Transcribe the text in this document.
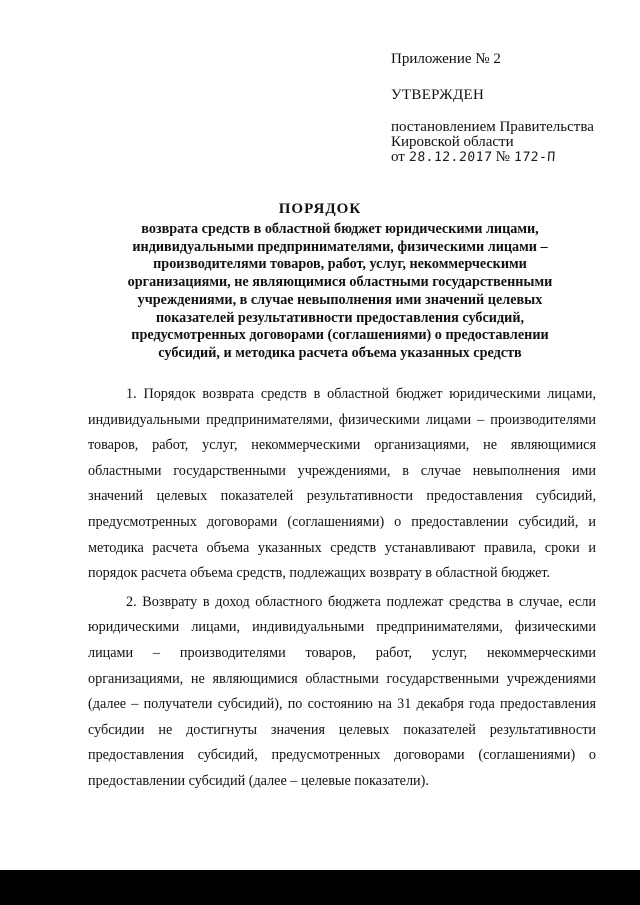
Приложение № 2
УТВЕРЖДЕН
постановлением Правительства
Кировской области
от 28.12.2017 № 172-П
ПОРЯДОК
возврата средств в областной бюджет юридическими лицами, индивидуальными предпринимателями, физическими лицами – производителями товаров, работ, услуг, некоммерческими организациями, не являющимися областными государственными учреждениями, в случае невыполнения ими значений целевых показателей результативности предоставления субсидий, предусмотренных договорами (соглашениями) о предоставлении субсидий, и методика расчета объема указанных средств

1. Порядок возврата средств в областной бюджет юридическими лицами, индивидуальными предпринимателями, физическими лицами – производителями товаров, работ, услуг, некоммерческими организациями, не являющимися областными государственными учреждениями, в случае невыполнения ими значений целевых показателей результативности предоставления субсидий, предусмотренных договорами (соглашениями) о предоставлении субсидий, и методика расчета объема указанных средств устанавливают правила, сроки и порядок расчета объема средств, подлежащих возврату в областной бюджет.

2. Возврату в доход областного бюджета подлежат средства в случае, если юридическими лицами, индивидуальными предпринимателями, физическими лицами – производителями товаров, работ, услуг, некоммерческими организациями, не являющимися областными государственными учреждениями (далее – получатели субсидий), по состоянию на 31 декабря года предоставления субсидии не достигнуты значения целевых показателей результативности предоставления субсидий, предусмотренных договорами (соглашениями) о предоставлении субсидий (далее – целевые показатели).
